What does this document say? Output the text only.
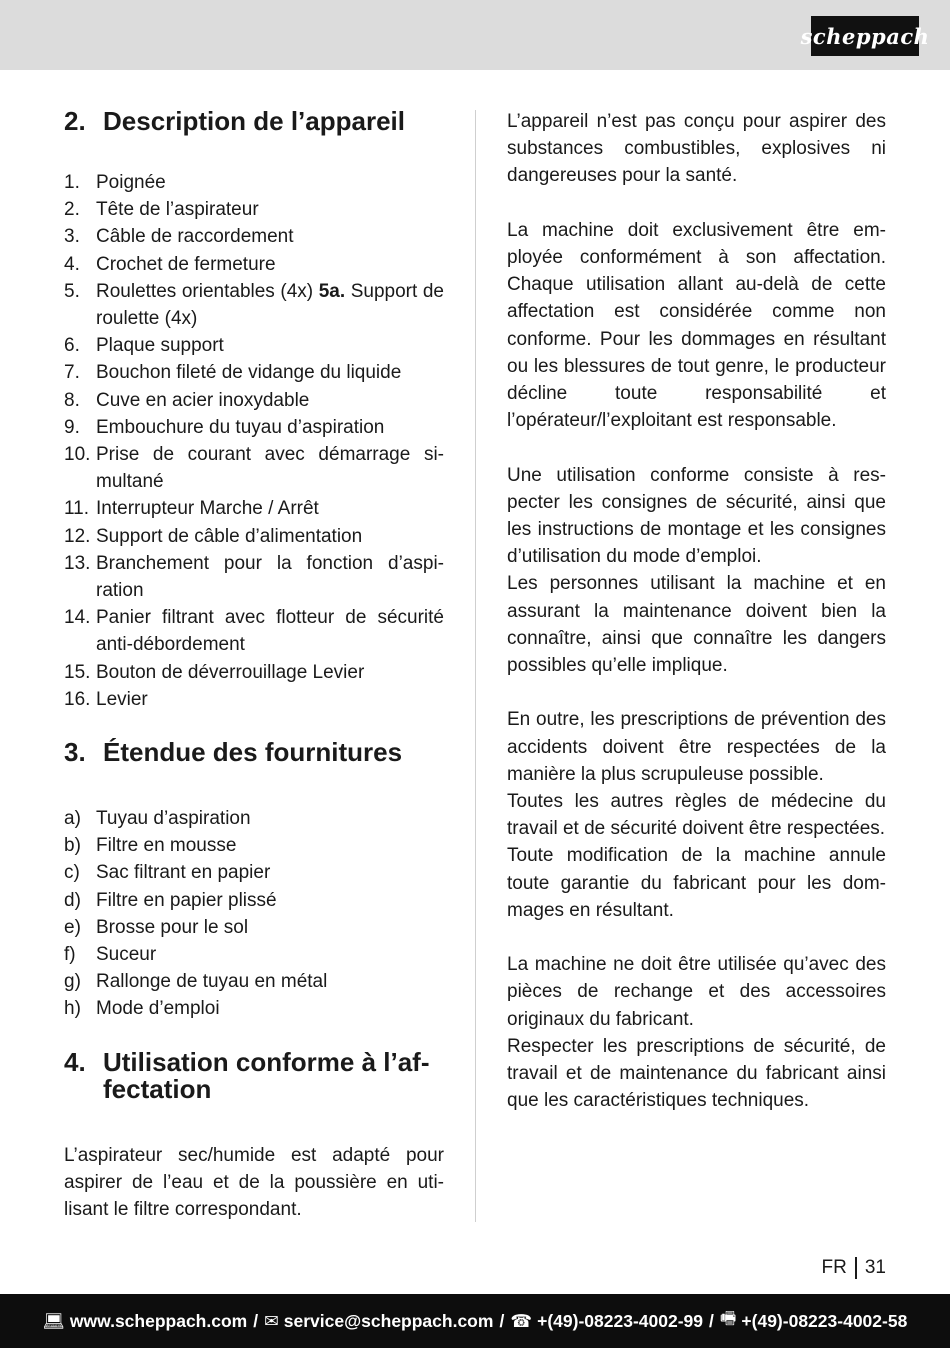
scheppach
2. Description de l’appareil
1. Poignée
2. Tête de l’aspirateur
3. Câble de raccordement
4. Crochet de fermeture
5. Roulettes orientables (4x) 5a. Support de roulette (4x)
6. Plaque support
7. Bouchon fileté de vidange du liquide
8. Cuve en acier inoxydable
9. Embouchure du tuyau d’aspiration
10. Prise de courant avec démarrage simultané
11. Interrupteur Marche / Arrêt
12. Support de câble d’alimentation
13. Branchement pour la fonction d’aspiration
14. Panier filtrant avec flotteur de sécurité anti-débordement
15. Bouton de déverrouillage Levier
16. Levier
3. Étendue des fournitures
a) Tuyau d’aspiration
b) Filtre en mousse
c) Sac filtrant en papier
d) Filtre en papier plissé
e) Brosse pour le sol
f)	Suceur
g) Rallonge de tuyau en métal
h) Mode d’emploi
4. Utilisation conforme à l’affectation

L’aspirateur sec/humide est adapté pour aspirer de l’eau et de la poussière en utilisant le filtre correspondant.

L’appareil n’est pas conçu pour aspirer des substances combustibles, explosives ni dangereuses pour la santé.

La machine doit exclusivement être employée conformément à son affectation. Chaque utilisation allant au-delà de cette affectation est considérée comme non conforme. Pour les dommages en résultant ou les blessures de tout genre, le producteur décline toute responsabilité et l’opérateur/l’exploitant est responsable.

Une utilisation conforme consiste à respecter les consignes de sécurité, ainsi que les instructions de montage et les consignes d’utilisation du mode d’emploi.

Les personnes utilisant la machine et en assurant la maintenance doivent bien la connaître, ainsi que connaître les dangers possibles qu’elle implique.

En outre, les prescriptions de prévention des accidents doivent être respectées de la manière la plus scrupuleuse possible.

Toutes les autres règles de médecine du travail et de sécurité doivent être respectées.

Toute modification de la machine annule toute garantie du fabricant pour les dommages en résultant.

La machine ne doit être utilisée qu’avec des pièces de rechange et des accessoires originaux du fabricant.

Respecter les prescriptions de sécurité, de travail et de maintenance du fabricant ainsi que les caractéristiques techniques.

FR 31
💻︎ www.scheppach.com / ✉︎ service@scheppach.com / ☎︎ +(49)-08223-4002-99 / 🖷︎ +(49)-08223-4002-58
